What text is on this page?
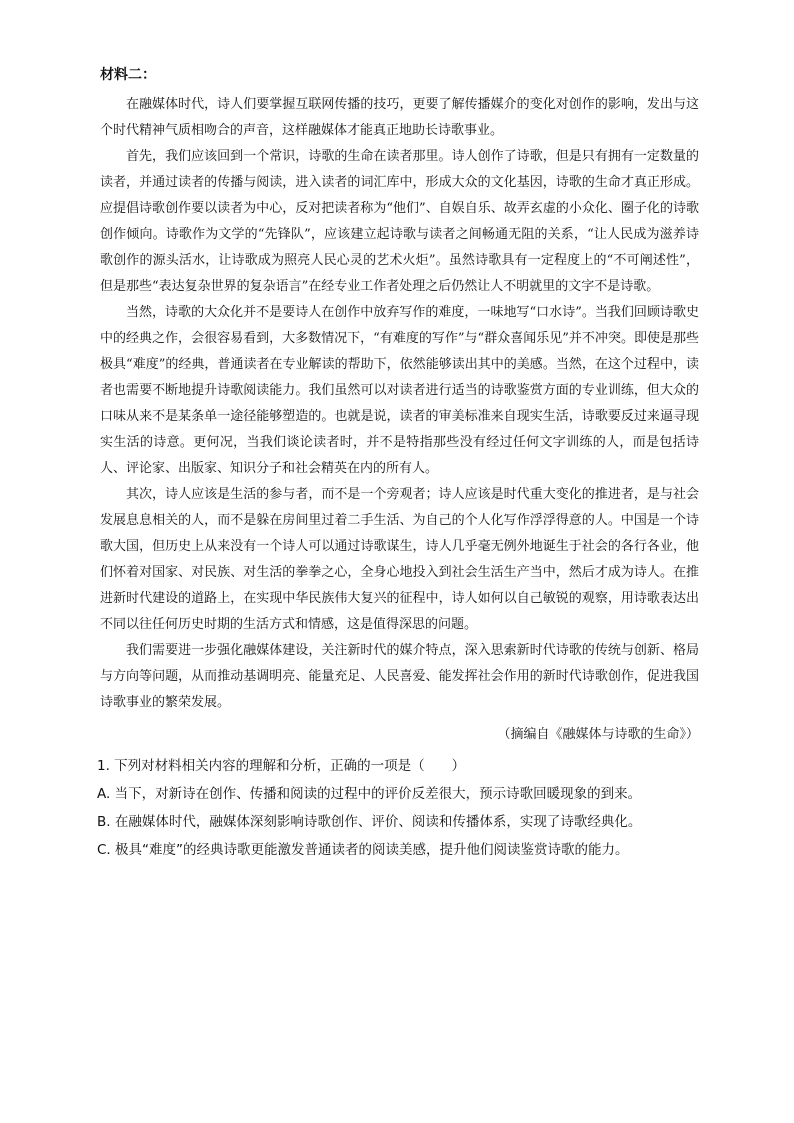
材料二：

在融媒体时代，诗人们要掌握互联网传播的技巧，更要了解传播媒介的变化对创作的影响，发出与这个时代精神气质相吻合的声音，这样融媒体才能真正地助长诗歌事业。

首先，我们应该回到一个常识，诗歌的生命在读者那里。诗人创作了诗歌，但是只有拥有一定数量的读者，并通过读者的传播与阅读，进入读者的词汇库中，形成大众的文化基因，诗歌的生命才真正形成。应提倡诗歌创作要以读者为中心，反对把读者称为“他们”、自娱自乐、故弄玄虚的小众化、圈子化的诗歌创作倾向。诗歌作为文学的“先锋队”，应该建立起诗歌与读者之间畅通无阻的关系，“让人民成为滋养诗歌创作的源头活水，让诗歌成为照亮人民心灵的艺术火炬”。虽然诗歌具有一定程度上的“不可阐述性”，但是那些“表达复杂世界的复杂语言”在经专业工作者处理之后仍然让人不明就里的文字不是诗歌。

当然，诗歌的大众化并不是要诗人在创作中放弃写作的难度，一味地写“口水诗”。当我们回顾诗歌史中的经典之作，会很容易看到，大多数情况下，“有难度的写作”与“群众喜闻乐见”并不冲突。即使是那些极具“难度”的经典，普通读者在专业解读的帮助下，依然能够读出其中的美感。当然，在这个过程中，读者也需要不断地提升诗歌阅读能力。我们虽然可以对读者进行适当的诗歌鉴赏方面的专业训练，但大众的口味从来不是某条单一途径能够塑造的。也就是说，读者的审美标准来自现实生活，诗歌要反过来逼寻现实生活的诗意。更何况，当我们谈论读者时，并不是特指那些没有经过任何文字训练的人，而是包括诗人、评论家、出版家、知识分子和社会精英在内的所有人。

其次，诗人应该是生活的参与者，而不是一个旁观者；诗人应该是时代重大变化的推进者，是与社会发展息息相关的人，而不是躲在房间里过着二手生活、为自己的个人化写作浮浮得意的人。中国是一个诗歌大国，但历史上从来没有一个诗人可以通过诗歌谋生，诗人几乎毫无例外地诞生于社会的各行各业，他们怀着对国家、对民族、对生活的拳拳之心，全身心地投入到社会生活生产当中，然后才成为诗人。在推进新时代建设的道路上，在实现中华民族伟大复兴的征程中，诗人如何以自己敏锐的观察，用诗歌表达出不同以往任何历史时期的生活方式和情感，这是值得深思的问题。

我们需要进一步强化融媒体建设，关注新时代的媒介特点，深入思索新时代诗歌的传统与创新、格局与方向等问题，从而推动基调明亮、能量充足、人民喜爱、能发挥社会作用的新时代诗歌创作，促进我国诗歌事业的繁荣发展。

（摘编自《融媒体与诗歌的生命》）

1. 下列对材料相关内容的理解和分析，正确的一项是（　　）

A. 当下，对新诗在创作、传播和阅读的过程中的评价反差很大，预示诗歌回暖现象的到来。

B. 在融媒体时代，融媒体深刻影响诗歌创作、评价、阅读和传播体系，实现了诗歌经典化。

C. 极具“难度”的经典诗歌更能激发普通读者的阅读美感，提升他们阅读鉴赏诗歌的能力。
